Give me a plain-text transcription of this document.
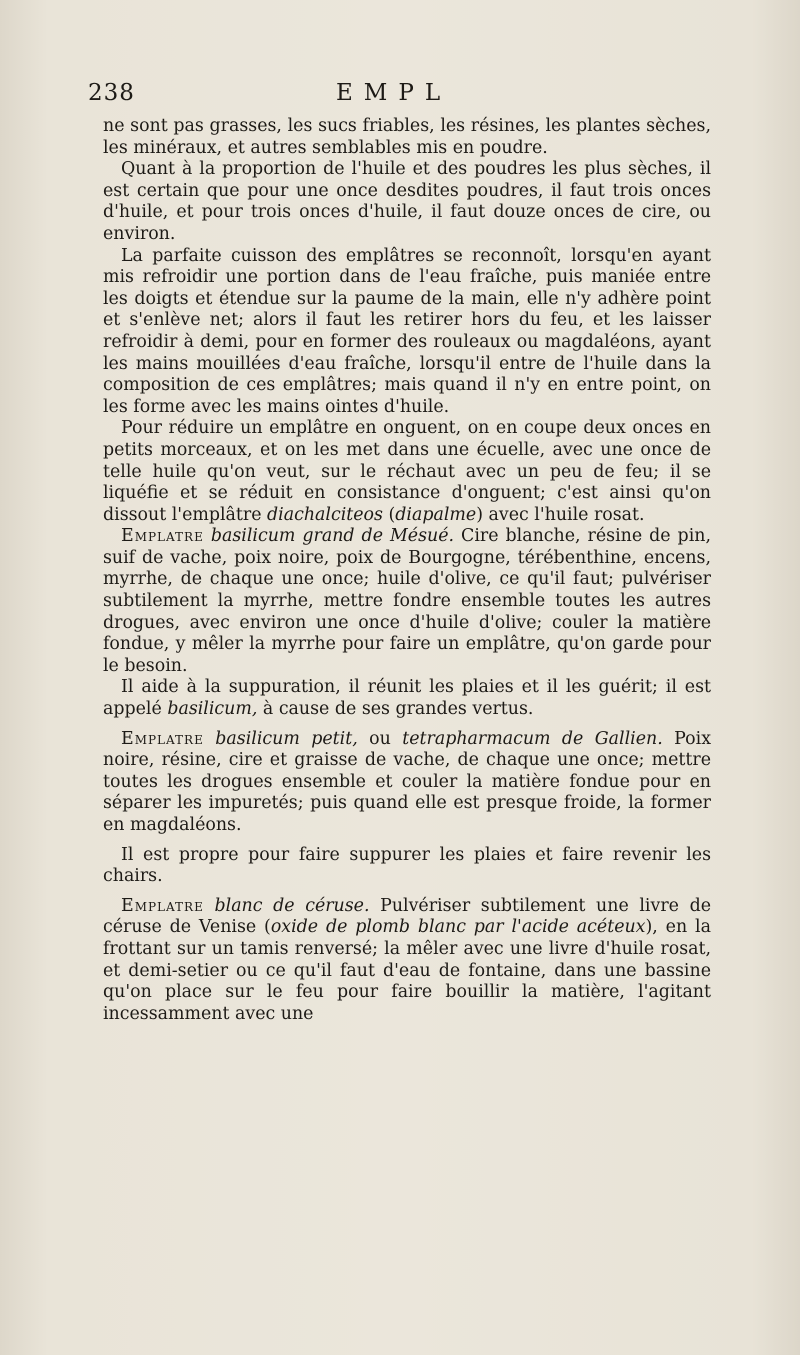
238	EMPL

ne sont pas grasses, les sucs friables, les résines, les plantes sèches, les minéraux, et autres semblables mis en poudre.

Quant à la proportion de l'huile et des poudres les plus sèches, il est certain que pour une once desdites poudres, il faut trois onces d'huile, et pour trois onces d'huile, il faut douze onces de cire, ou environ.

La parfaite cuisson des emplâtres se reconnoît, lorsqu'en ayant mis refroidir une portion dans de l'eau fraîche, puis maniée entre les doigts et étendue sur la paume de la main, elle n'y adhère point et s'enlève net; alors il faut les retirer hors du feu, et les laisser refroidir à demi, pour en former des rouleaux ou magdaléons, ayant les mains mouillées d'eau fraîche, lorsqu'il entre de l'huile dans la composition de ces emplâtres; mais quand il n'y en entre point, on les forme avec les mains ointes d'huile.

Pour réduire un emplâtre en onguent, on en coupe deux onces en petits morceaux, et on les met dans une écuelle, avec une once de telle huile qu'on veut, sur le réchaut avec un peu de feu; il se liquéfie et se réduit en consistance d'onguent; c'est ainsi qu'on dissout l'emplâtre diachalciteos (diapalme) avec l'huile rosat.

Emplatre basilicum grand de Mésué. Cire blanche, résine de pin, suif de vache, poix noire, poix de Bourgogne, térébenthine, encens, myrrhe, de chaque une once; huile d'olive, ce qu'il faut; pulvériser subtilement la myrrhe, mettre fondre ensemble toutes les autres drogues, avec environ une once d'huile d'olive; couler la matière fondue, y mêler la myrrhe pour faire un emplâtre, qu'on garde pour le besoin.

Il aide à la suppuration, il réunit les plaies et il les guérit; il est appelé basilicum, à cause de ses grandes vertus.

Emplatre basilicum petit, ou tetrapharmacum de Gallien. Poix noire, résine, cire et graisse de vache, de chaque une once; mettre toutes les drogues ensemble et couler la matière fondue pour en séparer les impuretés; puis quand elle est presque froide, la former en magdaléons.

Il est propre pour faire suppurer les plaies et faire revenir les chairs.

Emplatre blanc de céruse. Pulvériser subtilement une livre de céruse de Venise (oxide de plomb blanc par l'acide acéteux), en la frottant sur un tamis renversé; la mêler avec une livre d'huile rosat, et demi-setier ou ce qu'il faut d'eau de fontaine, dans une bassine qu'on place sur le feu pour faire bouillir la matière, l'agitant incessamment avec une
